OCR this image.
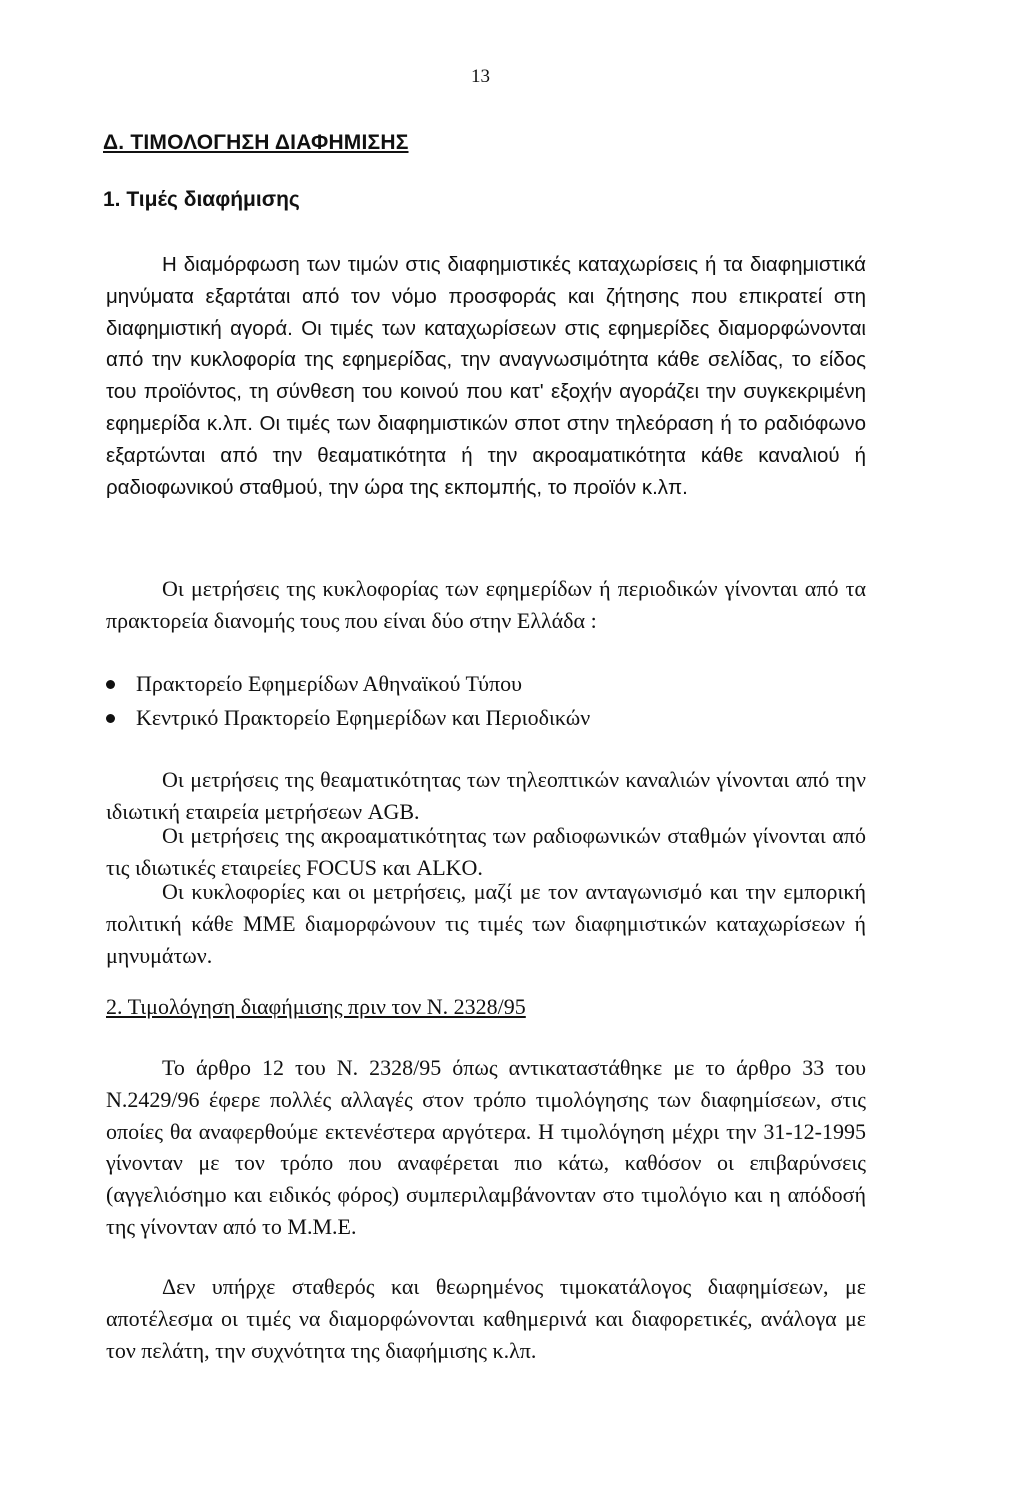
13
Δ. ΤΙΜΟΛΟΓΗΣΗ ΔΙΑΦΗΜΙΣΗΣ
1. Τιμές διαφήμισης

Η διαμόρφωση των τιμών στις διαφημιστικές καταχωρίσεις ή τα διαφημιστικά μηνύματα εξαρτάται από τον νόμο προσφοράς και ζήτησης που επικρατεί στη διαφημιστική αγορά. Οι τιμές των καταχωρίσεων στις εφημερίδες διαμορφώνονται από την κυκλοφορία της εφημερίδας, την αναγνωσιμότητα κάθε σελίδας, το είδος του προϊόντος, τη σύνθεση του κοινού που κατ' εξοχήν αγοράζει την συγκεκριμένη εφημερίδα κ.λπ. Οι τιμές των διαφημιστικών σποτ στην τηλεόραση ή το ραδιόφωνο εξαρτώνται από την θεαματικότητα ή την ακροαματικότητα κάθε καναλιού ή ραδιοφωνικού σταθμού, την ώρα της εκπομπής, το προϊόν κ.λπ.

Οι μετρήσεις της κυκλοφορίας των εφημερίδων ή περιοδικών γίνονται από τα πρακτορεία διανομής τους που είναι δύο στην Ελλάδα :

Πρακτορείο Εφημερίδων Αθηναϊκού Τύπου
Κεντρικό Πρακτορείο Εφημερίδων και Περιοδικών

Οι μετρήσεις της θεαματικότητας των τηλεοπτικών καναλιών γίνονται από την ιδιωτική εταιρεία μετρήσεων AGB.

Οι μετρήσεις της ακροαματικότητας των ραδιοφωνικών σταθμών γίνονται από τις ιδιωτικές εταιρείες FOCUS και ALKO.

Οι κυκλοφορίες και οι μετρήσεις, μαζί με τον ανταγωνισμό και την εμπορική πολιτική κάθε ΜΜΕ διαμορφώνουν τις τιμές των διαφημιστικών καταχωρίσεων ή μηνυμάτων.

2. Τιμολόγηση διαφήμισης πριν τον Ν. 2328/95

Το άρθρο 12 του Ν. 2328/95 όπως αντικαταστάθηκε με το άρθρο 33 του Ν.2429/96 έφερε πολλές αλλαγές στον τρόπο τιμολόγησης των διαφημίσεων, στις οποίες θα αναφερθούμε εκτενέστερα αργότερα. Η τιμολόγηση μέχρι την 31-12-1995 γίνονταν με τον τρόπο που αναφέρεται πιο κάτω, καθόσον οι επιβαρύνσεις (αγγελιόσημο και ειδικός φόρος) συμπεριλαμβάνονταν στο τιμολόγιο και η απόδοσή της γίνονταν από το Μ.Μ.Ε.

Δεν υπήρχε σταθερός και θεωρημένος τιμοκατάλογος διαφημίσεων, με αποτέλεσμα οι τιμές να διαμορφώνονται καθημερινά και διαφορετικές, ανάλογα με τον πελάτη, την συχνότητα της διαφήμισης κ.λπ.
